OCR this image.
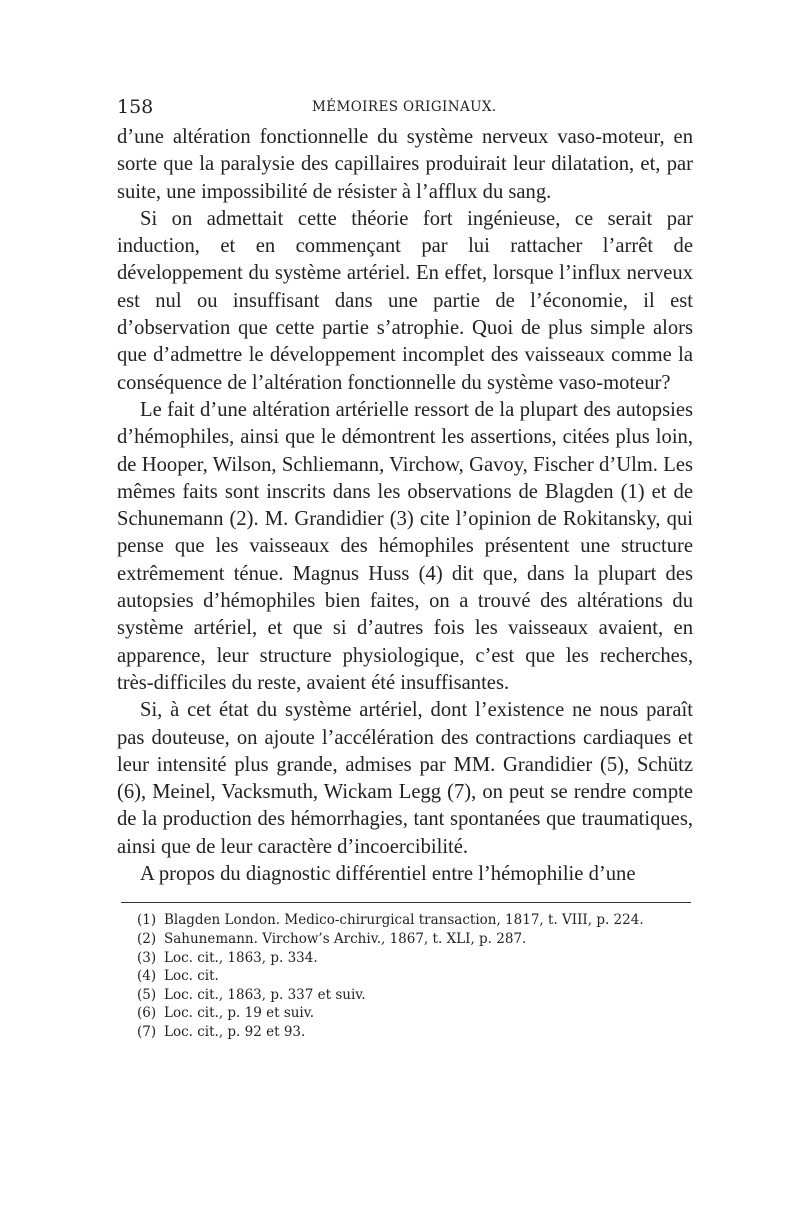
158	MÉMOIRES ORIGINAUX.

d’une altération fonctionnelle du système nerveux vaso-moteur, en sorte que la paralysie des capillaires produirait leur dilatation, et, par suite, une impossibilité de résister à l’afflux du sang.

Si on admettait cette théorie fort ingénieuse, ce serait par induction, et en commençant par lui rattacher l’arrêt de développement du système artériel. En effet, lorsque l’influx nerveux est nul ou insuffisant dans une partie de l’économie, il est d’observation que cette partie s’atrophie. Quoi de plus simple alors que d’admettre le développement incomplet des vaisseaux comme la conséquence de l’altération fonctionnelle du système vaso-moteur?

Le fait d’une altération artérielle ressort de la plupart des autopsies d’hémophiles, ainsi que le démontrent les assertions, citées plus loin, de Hooper, Wilson, Schliemann, Virchow, Gavoy, Fischer d’Ulm. Les mêmes faits sont inscrits dans les observations de Blagden (1) et de Schunemann (2). M. Grandidier (3) cite l’opinion de Rokitansky, qui pense que les vaisseaux des hémophiles présentent une structure extrêmement ténue. Magnus Huss (4) dit que, dans la plupart des autopsies d’hémophiles bien faites, on a trouvé des altérations du système artériel, et que si d’autres fois les vaisseaux avaient, en apparence, leur structure physiologique, c’est que les recherches, très-difficiles du reste, avaient été insuffisantes.

Si, à cet état du système artériel, dont l’existence ne nous paraît pas douteuse, on ajoute l’accélération des contractions cardiaques et leur intensité plus grande, admises par MM. Grandidier (5), Schütz (6), Meinel, Vacksmuth, Wickam Legg (7), on peut se rendre compte de la production des hémorrhagies, tant spontanées que traumatiques, ainsi que de leur caractère d’incoercibilité.

A propos du diagnostic différentiel entre l’hémophilie d’une

(1) Blagden London. Medico-chirurgical transaction, 1817, t. VIII, p. 224.
(2) Sahunemann. Virchow’s Archiv., 1867, t. XLI, p. 287.
(3) Loc. cit., 1863, p. 334.
(4) Loc. cit.
(5) Loc. cit., 1863, p. 337 et suiv.
(6) Loc. cit., p. 19 et suiv.
(7) Loc. cit., p. 92 et 93.
